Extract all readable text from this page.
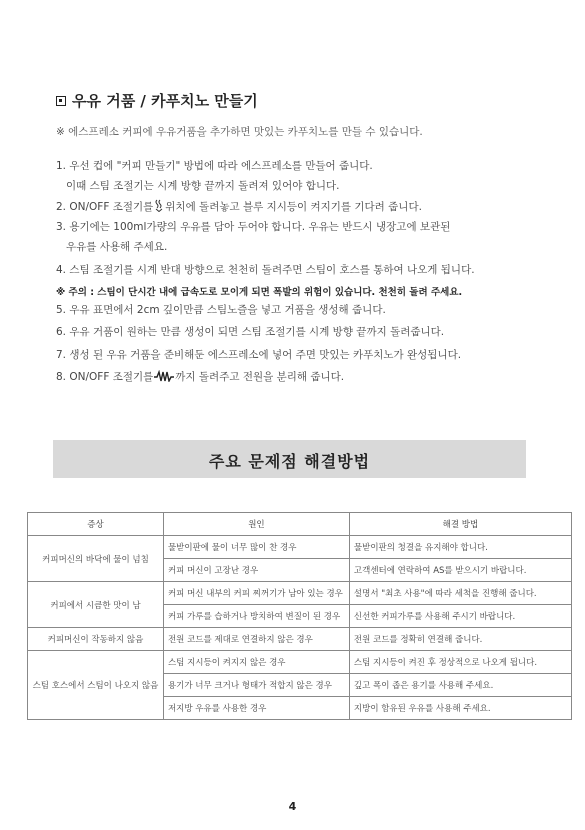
우유 거품 / 카푸치노 만들기
※ 에스프레소 커피에 우유거품을 추가하면 맛있는 카푸치노를 만들 수 있습니다.
1. 우선 컵에 "커피 만들기" 방법에 따라 에스프레소를 만들어 줍니다.
이때 스팀 조절기는 시계 방향 끝까지 돌려져 있어야 합니다.
2. ON/OFF 조절기를 위치에 돌려놓고 블루 지시등이 켜지기를 기다려 줍니다.
3. 용기에는 100ml가량의 우유를 담아 두어야 합니다. 우유는 반드시 냉장고에 보관된
우유를 사용해 주세요.
4. 스팀 조절기를 시계 반대 방향으로 천천히 돌려주면 스팀이 호스를 통하여 나오게 됩니다.
※ 주의 : 스팀이 단시간 내에 급속도로 모이게 되면 폭발의 위험이 있습니다. 천천히 돌려 주세요.
5. 우유 표면에서 2cm 깊이만큼 스팀노즐을 넣고 거품을 생성해 줍니다.
6. 우유 거품이 원하는 만큼 생성이 되면 스팀 조절기를 시계 방향 끝까지 돌려줍니다.
7. 생성 된 우유 거품을 준비해둔 에스프레소에 넣어 주면 맛있는 카푸치노가 완성됩니다.
8. ON/OFF 조절기를 까지 돌려주고 전원을 분리해 줍니다.
주요 문제점 해결방법
증상	원인	해결 방법
커피머신의 바닥에 물이 넘침	물받이판에 물이 너무 많이 찬 경우	물받이판의 청결을 유지해야 합니다.
	커피 머신이 고장난 경우	고객센터에 연락하여 AS를 받으시기 바랍니다.
커피에서 시큼한 맛이 남	커피 머신 내부의 커피 찌꺼기가 남아 있는 경우	설명서 "최초 사용"에 따라 세척을 진행해 줍니다.
	커피 가루를 습하거나 방치하여 변질이 된 경우	신선한 커피가루를 사용해 주시기 바랍니다.
커피머신이 작동하지 않음	전원 코드를 제대로 연결하지 않은 경우	전원 코드를 정확히 연결해 줍니다.
스팀 호스에서 스팀이 나오지 않음	스팀 지시등이 켜지지 않은 경우	스팀 지시등이 켜진 후 정상적으로 나오게 됩니다.
	용기가 너무 크거나 형태가 적합지 않은 경우	깊고 폭이 좁은 용기를 사용해 주세요.
	저지방 우유를 사용한 경우	지방이 함유된 우유를 사용해 주세요.
4
